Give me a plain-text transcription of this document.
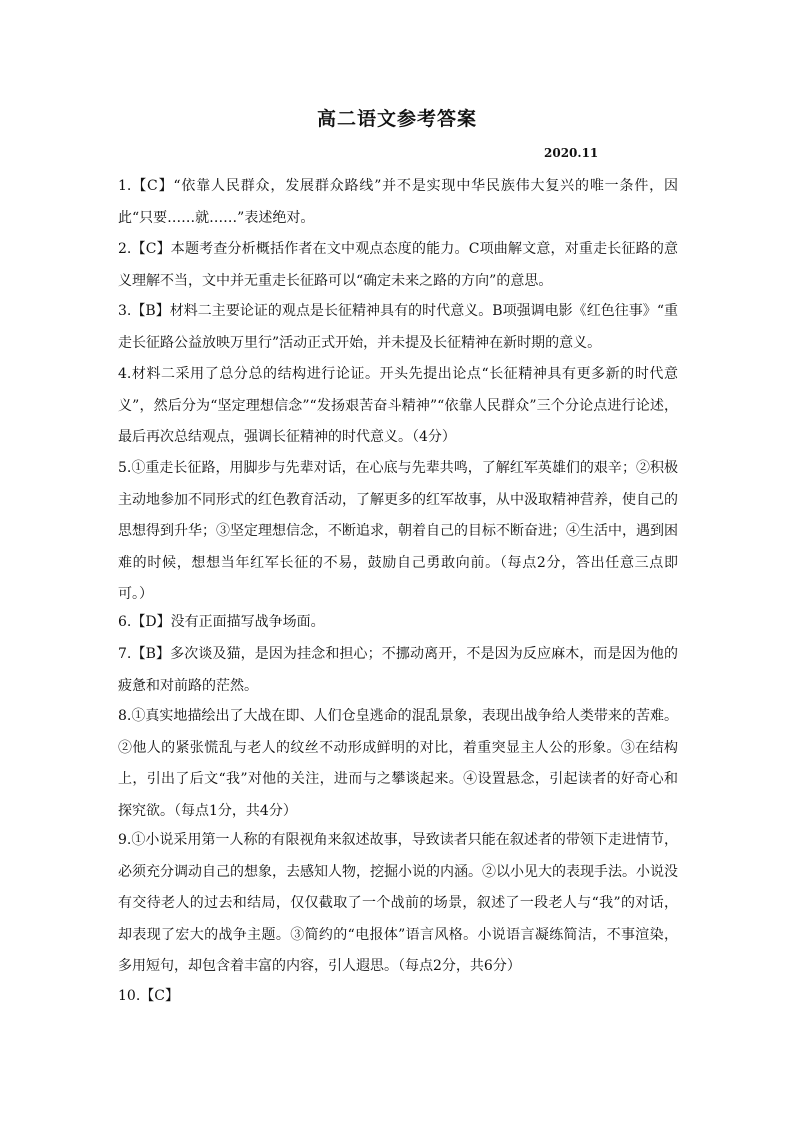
高二语文参考答案
2020.11
1.【C】“依靠人民群众，发展群众路线”并不是实现中华民族伟大复兴的唯一条件，因此“只要……就……”表述绝对。
2.【C】本题考查分析概括作者在文中观点态度的能力。C项曲解文意，对重走长征路的意义理解不当，文中并无重走长征路可以“确定未来之路的方向”的意思。
3.【B】材料二主要论证的观点是长征精神具有的时代意义。B项强调电影《红色往事》“重走长征路公益放映万里行”活动正式开始，并未提及长征精神在新时期的意义。
4.材料二采用了总分总的结构进行论证。开头先提出论点“长征精神具有更多新的时代意义”，然后分为“坚定理想信念”“发扬艰苦奋斗精神”“依靠人民群众”三个分论点进行论述，最后再次总结观点，强调长征精神的时代意义。（4分）
5.①重走长征路，用脚步与先辈对话，在心底与先辈共鸣，了解红军英雄们的艰辛；②积极主动地参加不同形式的红色教育活动，了解更多的红军故事，从中汲取精神营养，使自己的思想得到升华；③坚定理想信念，不断追求，朝着自己的目标不断奋进；④生活中，遇到困难的时候，想想当年红军长征的不易，鼓励自己勇敢向前。（每点2分，答出任意三点即可。）
6.【D】没有正面描写战争场面。
7.【B】多次谈及猫，是因为挂念和担心；不挪动离开，不是因为反应麻木，而是因为他的疲惫和对前路的茫然。
8.①真实地描绘出了大战在即、人们仓皇逃命的混乱景象，表现出战争给人类带来的苦难。②他人的紧张慌乱与老人的纹丝不动形成鲜明的对比，着重突显主人公的形象。③在结构上，引出了后文“我”对他的关注，进而与之攀谈起来。④设置悬念，引起读者的好奇心和探究欲。（每点1分，共4分）
9.①小说采用第一人称的有限视角来叙述故事，导致读者只能在叙述者的带领下走进情节，必须充分调动自己的想象，去感知人物，挖掘小说的内涵。②以小见大的表现手法。小说没有交待老人的过去和结局，仅仅截取了一个战前的场景，叙述了一段老人与“我”的对话，却表现了宏大的战争主题。③简约的“电报体”语言风格。小说语言凝练简洁，不事渲染，多用短句，却包含着丰富的内容，引人遐思。（每点2分，共6分）
10.【C】
